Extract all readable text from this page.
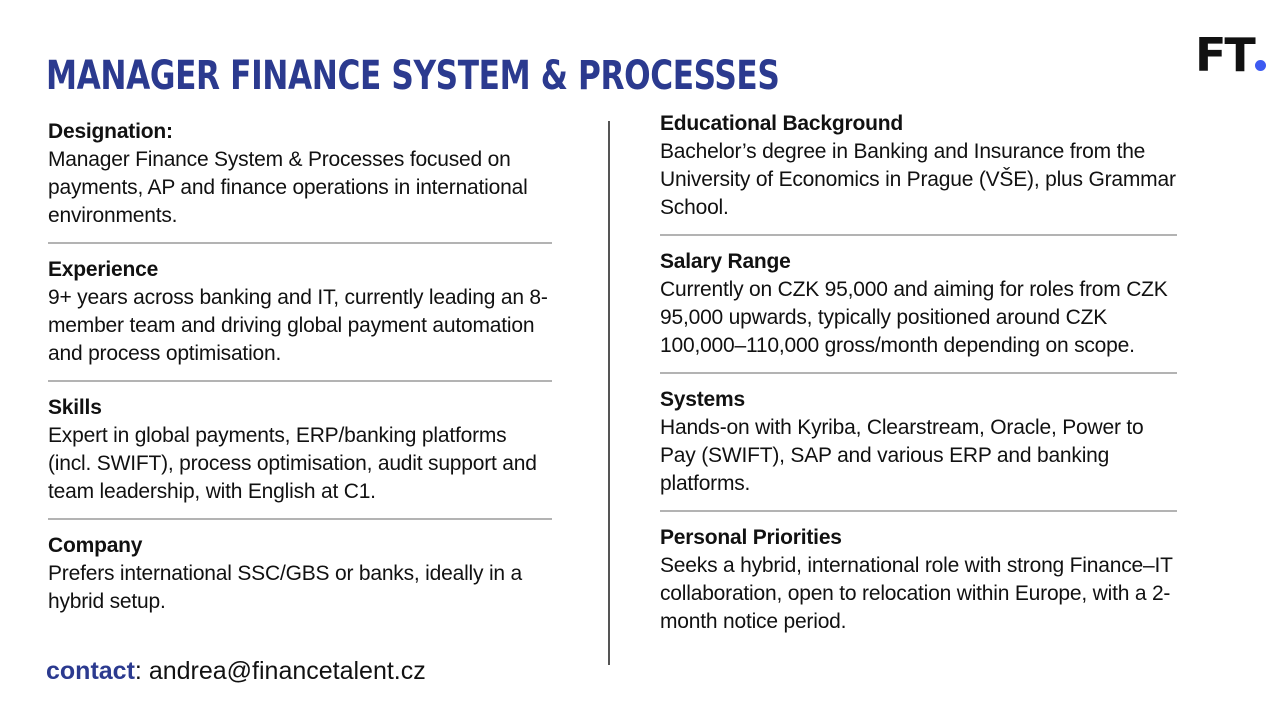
MANAGER FINANCE SYSTEM & PROCESSES	FT
Designation:
Manager Finance System & Processes focused on payments, AP and finance operations in international environments.
Experience
9+ years across banking and IT, currently leading an 8-member team and driving global payment automation and process optimisation.
Skills
Expert in global payments, ERP/banking platforms (incl. SWIFT), process optimisation, audit support and team leadership, with English at C1.
Company
Prefers international SSC/GBS or banks, ideally in a hybrid setup.
Educational Background
Bachelor’s degree in Banking and Insurance from the University of Economics in Prague (VŠE), plus Grammar School.
Salary Range
Currently on CZK 95,000 and aiming for roles from CZK 95,000 upwards, typically positioned around CZK 100,000–110,000 gross/month depending on scope.
Systems
Hands-on with Kyriba, Clearstream, Oracle, Power to Pay (SWIFT), SAP and various ERP and banking platforms.
Personal Priorities
Seeks a hybrid, international role with strong Finance–IT collaboration, open to relocation within Europe, with a 2-month notice period.
contact: andrea@financetalent.cz
